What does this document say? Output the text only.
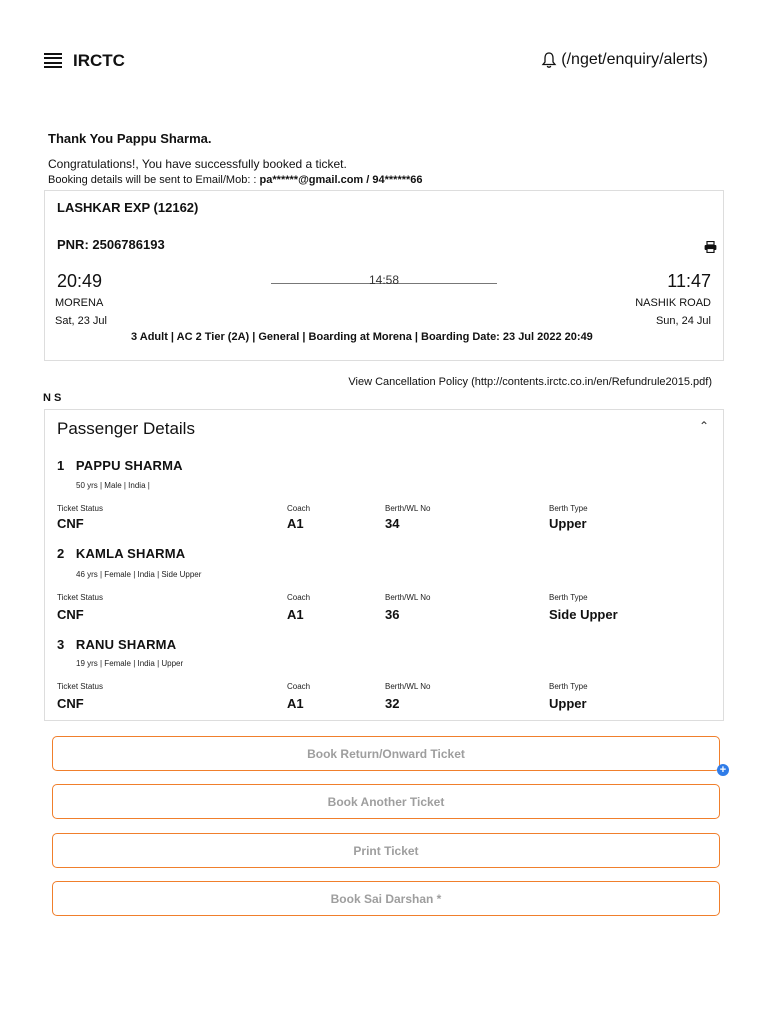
IRCTC	(/nget/enquiry/alerts)
Thank You Pappu Sharma.
Congratulations!, You have successfully booked a ticket.
Booking details will be sent to Email/Mob: : pa******@gmail.com / 94******66
LASHKAR EXP (12162)
PNR: 2506786193
20:49	14:58	11:47
MORENA	NASHIK ROAD
Sat, 23 Jul	Sun, 24 Jul
3 Adult | AC 2 Tier (2A) | General | Boarding at Morena | Boarding Date: 23 Jul 2022 20:49
View Cancellation Policy (http://contents.irctc.co.in/en/Refundrule2015.pdf)
N S
Passenger Details	⌃
1 PAPPU SHARMA
50 yrs | Male | India |
Ticket Status	Coach	Berth/WL No	Berth Type
CNF	A1	34	Upper
2 KAMLA SHARMA
46 yrs | Female | India | Side Upper
Ticket Status	Coach	Berth/WL No	Berth Type
CNF	A1	36	Side Upper
3 RANU SHARMA
19 yrs | Female | India | Upper
Ticket Status	Coach	Berth/WL No	Berth Type
CNF	A1	32	Upper
Book Return/Onward Ticket
+
Book Another Ticket
Print Ticket
Book Sai Darshan *
